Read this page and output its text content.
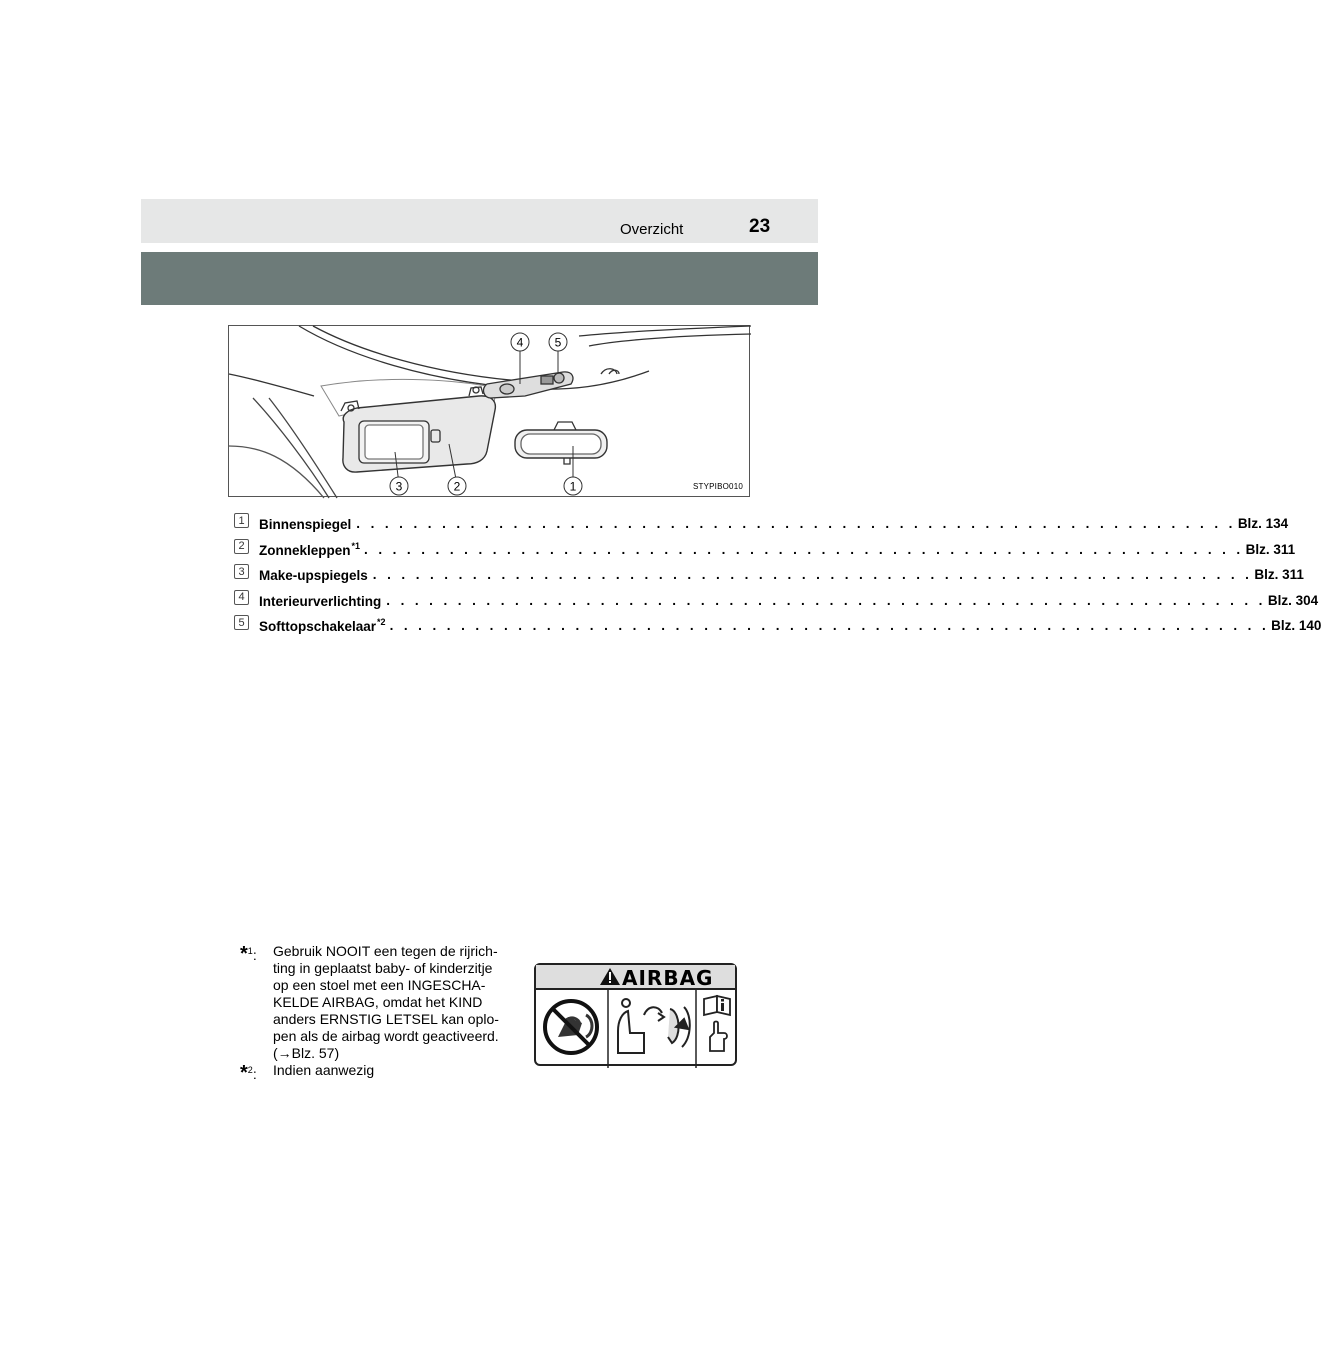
Overzicht	23
1
2
3
4	5
STYPIBO010
1	Binnenspiegel . . . . . . . . . . . . . . . . . . . . . . . . . . . . . . . . . . . . . . . . . . . . . . . . . . . . . . . . . . . . . . Blz. 134
2	Zonnekleppen$^{*1}$ . . . . . . . . . . . . . . . . . . . . . . . . . . . . . . . . . . . . . . . . . . . . . . . . . . . . . . . . . . . . . . Blz. 311
3	Make-upspiegels . . . . . . . . . . . . . . . . . . . . . . . . . . . . . . . . . . . . . . . . . . . . . . . . . . . . . . . . . . . . . . Blz. 311
4	Interieurverlichting . . . . . . . . . . . . . . . . . . . . . . . . . . . . . . . . . . . . . . . . . . . . . . . . . . . . . . . . . . . . . . Blz. 304
5	Softtopschakelaar$^{*2}$ . . . . . . . . . . . . . . . . . . . . . . . . . . . . . . . . . . . . . . . . . . . . . . . . . . . . . . . . . . . . . . Blz. 140
*$^1$: Gebruik NOOIT een tegen de rijrich-
ting in geplaatst baby- of kinderzitje
op een stoel met een INGESCHA-
KELDE AIRBAG, omdat het KIND
anders ERNSTIG LETSEL kan oplo-
pen als de airbag wordt geactiveerd.
(→Blz. 57)
*$^2$: Indien aanwezig
AIRBAG
